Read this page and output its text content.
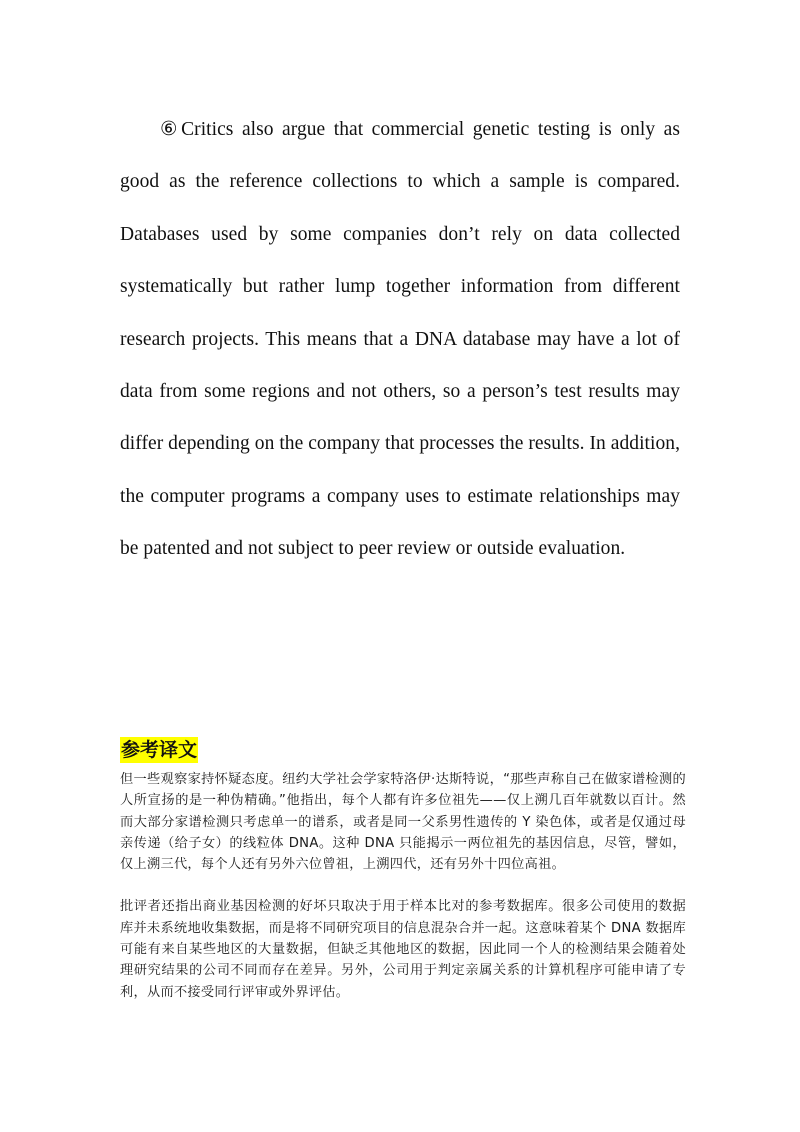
⑥Critics also argue that commercial genetic testing is only as good as the reference collections to which a sample is compared. Databases used by some companies don’t rely on data collected systematically but rather lump together information from different research projects. This means that a DNA database may have a lot of data from some regions and not others, so a person’s test results may differ depending on the company that processes the results. In addition, the computer programs a company uses to estimate relationships may be patented and not subject to peer review or outside evaluation.

参考译文

但一些观察家持怀疑态度。纽约大学社会学家特洛伊·达斯特说，“那些声称自己在做家谱检测的人所宣扬的是一种伪精确。”他指出，每个人都有许多位祖先——仅上溯几百年就数以百计。然而大部分家谱检测只考虑单一的谱系，或者是同一父系男性遗传的 Y 染色体，或者是仅通过母亲传递（给子女）的线粒体 DNA。这种 DNA 只能揭示一两位祖先的基因信息，尽管，譬如，仅上溯三代，每个人还有另外六位曾祖，上溯四代，还有另外十四位高祖。

批评者还指出商业基因检测的好坏只取决于用于样本比对的参考数据库。很多公司使用的数据库并未系统地收集数据，而是将不同研究项目的信息混杂合并一起。这意味着某个 DNA 数据库可能有来自某些地区的大量数据，但缺乏其他地区的数据，因此同一个人的检测结果会随着处理研究结果的公司不同而存在差异。另外，公司用于判定亲属关系的计算机程序可能申请了专利，从而不接受同行评审或外界评估。
